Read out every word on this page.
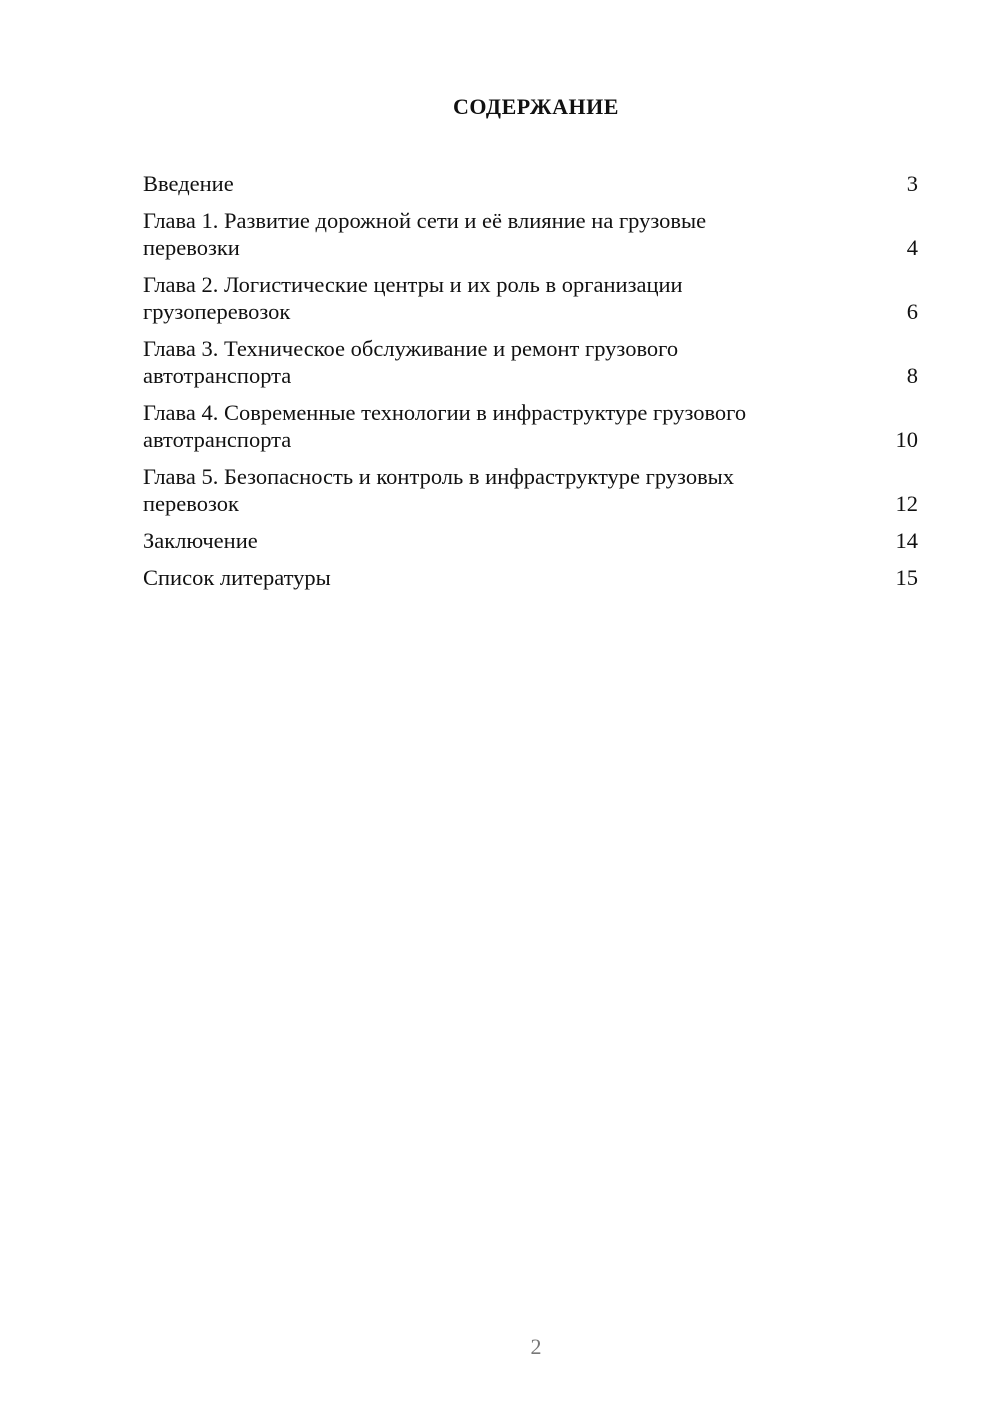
СОДЕРЖАНИЕ
Введение	3
Глава 1. Развитие дорожной сети и её влияние на грузовые
перевозки	4
Глава 2. Логистические центры и их роль в организации
грузоперевозок	6
Глава 3. Техническое обслуживание и ремонт грузового
автотранспорта	8
Глава 4. Современные технологии в инфраструктуре грузового
автотранспорта	10
Глава 5. Безопасность и контроль в инфраструктуре грузовых
перевозок	12
Заключение	14
Список литературы	15
2
